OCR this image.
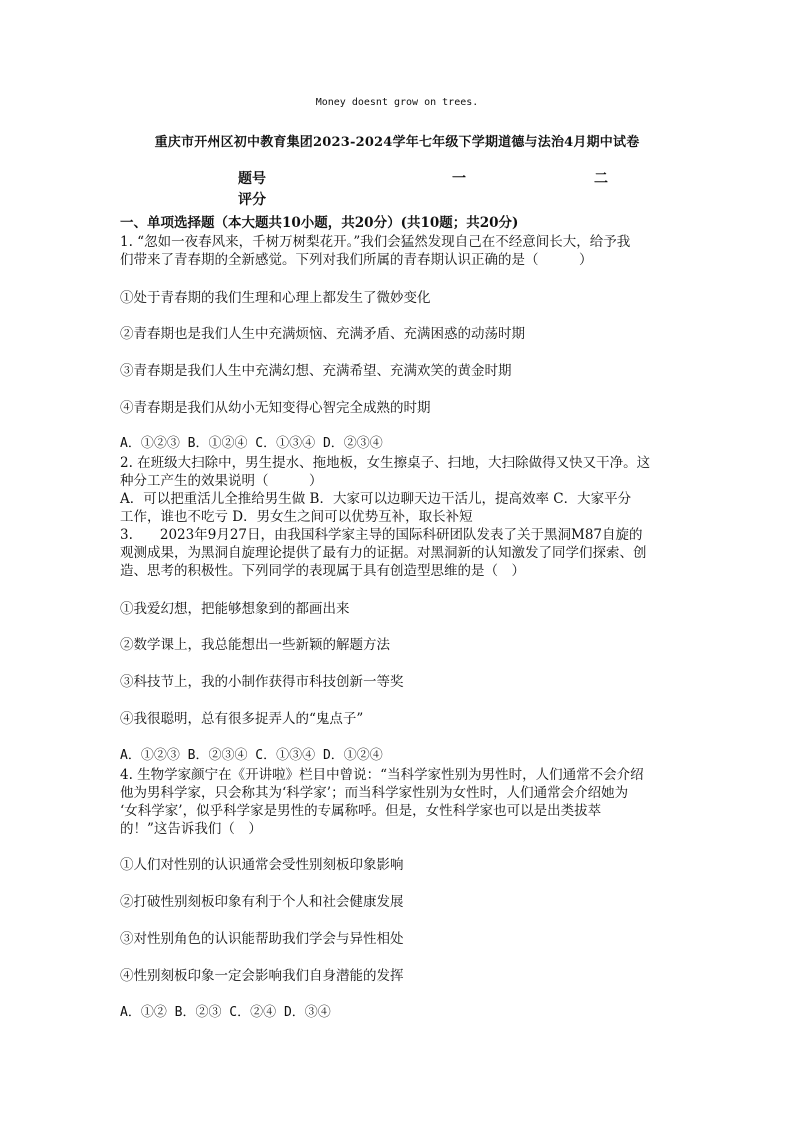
Money doesnt grow on trees.
重庆市开州区初中教育集团2023-2024学年七年级下学期道德与法治4月期中试卷
题号	一	二
评分
一、单项选择题（本大题共10小题，共20分）(共10题；共20分)
1. “忽如一夜春风来，千树万树梨花开。”我们会猛然发现自己在不经意间长大，给予我
们带来了青春期的全新感觉。下列对我们所属的青春期认识正确的是（　　　）
①处于青春期的我们生理和心理上都发生了微妙变化
②青春期也是我们人生中充满烦恼、充满矛盾、充满困惑的动荡时期
③青春期是我们人生中充满幻想、充满希望、充满欢笑的黄金时期
④青春期是我们从幼小无知变得心智完全成熟的时期
A．①②③ B．①②④ C．①③④ D．②③④
2. 在班级大扫除中，男生提水、拖地板，女生擦桌子、扫地，大扫除做得又快又干净。这
种分工产生的效果说明（　　　）
A．可以把重活儿全推给男生做 B．大家可以边聊天边干活儿，提高效率 C．大家平分
工作，谁也不吃亏 D．男女生之间可以优势互补，取长补短
3.　　2023年9月27日，由我国科学家主导的国际科研团队发表了关于黑洞M87自旋的
观测成果，为黑洞自旋理论提供了最有力的证据。对黑洞新的认知激发了同学们探索、创
造、思考的积极性。下列同学的表现属于具有创造型思维的是（　）
①我爱幻想，把能够想象到的都画出来
②数学课上，我总能想出一些新颖的解题方法
③科技节上，我的小制作获得市科技创新一等奖
④我很聪明，总有很多捉弄人的“鬼点子”
A．①②③ B．②③④ C．①③④ D．①②④
4. 生物学家颜宁在《开讲啦》栏目中曾说：“当科学家性别为男性时，人们通常不会介绍
他为男科学家，只会称其为‘科学家’；而当科学家性别为女性时，人们通常会介绍她为
‘女科学家’，似乎科学家是男性的专属称呼。但是，女性科学家也可以是出类拔萃
的！”这告诉我们（　）
①人们对性别的认识通常会受性别刻板印象影响
②打破性别刻板印象有利于个人和社会健康发展
③对性别角色的认识能帮助我们学会与异性相处
④性别刻板印象一定会影响我们自身潜能的发挥
A．①② B．②③ C．②④ D．③④
